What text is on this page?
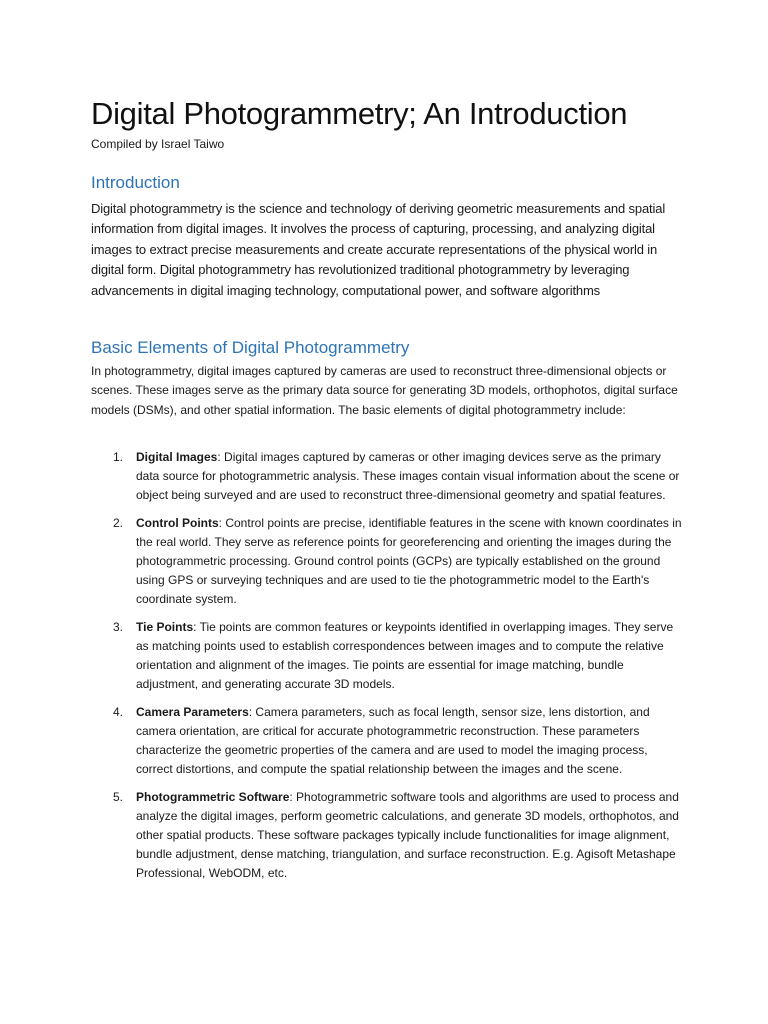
Digital Photogrammetry; An Introduction
Compiled by Israel Taiwo
Introduction

Digital photogrammetry is the science and technology of deriving geometric measurements and spatial information from digital images. It involves the process of capturing, processing, and analyzing digital images to extract precise measurements and create accurate representations of the physical world in digital form. Digital photogrammetry has revolutionized traditional photogrammetry by leveraging advancements in digital imaging technology, computational power, and software algorithms

Basic Elements of Digital Photogrammetry

In photogrammetry, digital images captured by cameras are used to reconstruct three-dimensional objects or scenes. These images serve as the primary data source for generating 3D models, orthophotos, digital surface models (DSMs), and other spatial information. The basic elements of digital photogrammetry include:

1. Digital Images: Digital images captured by cameras or other imaging devices serve as the primary data source for photogrammetric analysis. These images contain visual information about the scene or object being surveyed and are used to reconstruct three-dimensional geometry and spatial features.
2. Control Points: Control points are precise, identifiable features in the scene with known coordinates in the real world. They serve as reference points for georeferencing and orienting the images during the photogrammetric processing. Ground control points (GCPs) are typically established on the ground using GPS or surveying techniques and are used to tie the photogrammetric model to the Earth's coordinate system.
3. Tie Points: Tie points are common features or keypoints identified in overlapping images. They serve as matching points used to establish correspondences between images and to compute the relative orientation and alignment of the images. Tie points are essential for image matching, bundle adjustment, and generating accurate 3D models.
4. Camera Parameters: Camera parameters, such as focal length, sensor size, lens distortion, and camera orientation, are critical for accurate photogrammetric reconstruction. These parameters characterize the geometric properties of the camera and are used to model the imaging process, correct distortions, and compute the spatial relationship between the images and the scene.
5. Photogrammetric Software: Photogrammetric software tools and algorithms are used to process and analyze the digital images, perform geometric calculations, and generate 3D models, orthophotos, and other spatial products. These software packages typically include functionalities for image alignment, bundle adjustment, dense matching, triangulation, and surface reconstruction. E.g. Agisoft Metashape Professional, WebODM, etc.
